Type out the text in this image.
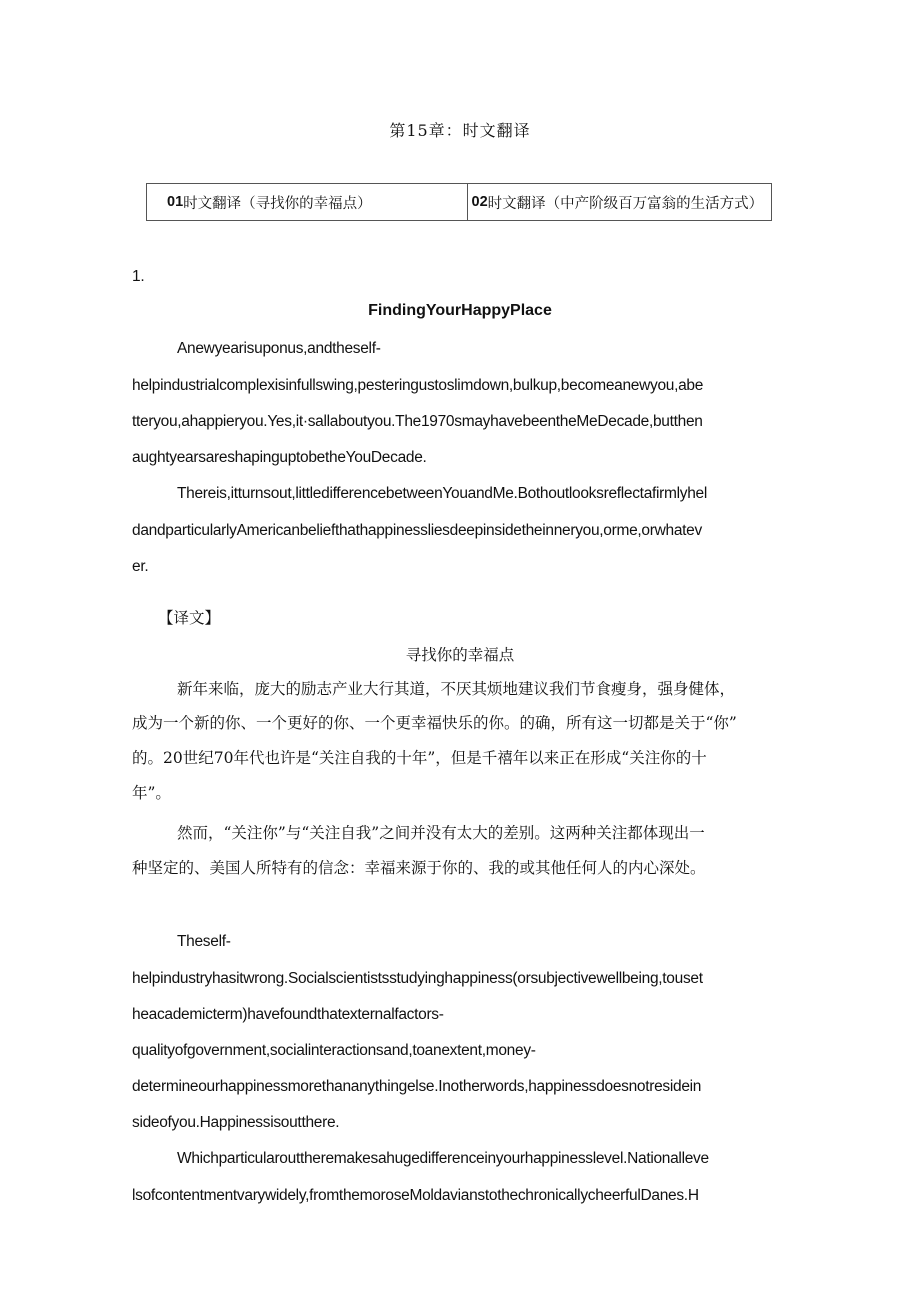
第15章：时文翻译
01 时文翻译（寻找你的幸福点）	02 时文翻译（中产阶级百万富翁的生活方式）
1.
FindingYourHappyPlace
Anewyearisuponus,andtheself-
helpindustrialcomplexisinfullswing,pesteringustoslimdown,bulkup,becomeanewyou,abe
tteryou,ahappieryou.Yes,it·sallaboutyou.The1970smayhavebeentheMeDecade,butthen
aughtyearsareshapinguptobetheYouDecade.
Thereis,itturnsout,littledifferencebetweenYouandMe.Bothoutlooksreflectafirmlyhel
dandparticularlyAmericanbeliefthathappinessliesdeepinsidetheinneryou,orme,orwhatev
er.
【译文】
寻找你的幸福点
新年来临，庞大的励志产业大行其道，不厌其烦地建议我们节食瘦身，强身健体，
成为一个新的你、一个更好的你、一个更幸福快乐的你。的确，所有这一切都是关于“你”
的。20世纪70年代也许是“关注自我的十年”，但是千禧年以来正在形成“关注你的十
年”。
然而，“关注你”与“关注自我”之间并没有太大的差别。这两种关注都体现出一
种坚定的、美国人所特有的信念：幸福来源于你的、我的或其他任何人的内心深处。
Theself-
helpindustryhasitwrong.Socialscientistsstudyinghappiness(orsubjectivewellbeing,touset
heacademicterm)havefoundthatexternalfactors-
qualityofgovernment,socialinteractionsand,toanextent,money-
determineourhappinessmorethananythingelse.Inotherwords,happinessdoesnotresidein
sideofyou.Happinessisoutthere.
Whichparticularouttheremakesahugedifferenceinyourhappinesslevel.Nationalleve
lsofcontentmentvarywidely,fromthemoroseMoldavianstothechronicallycheerfulDanes.H
